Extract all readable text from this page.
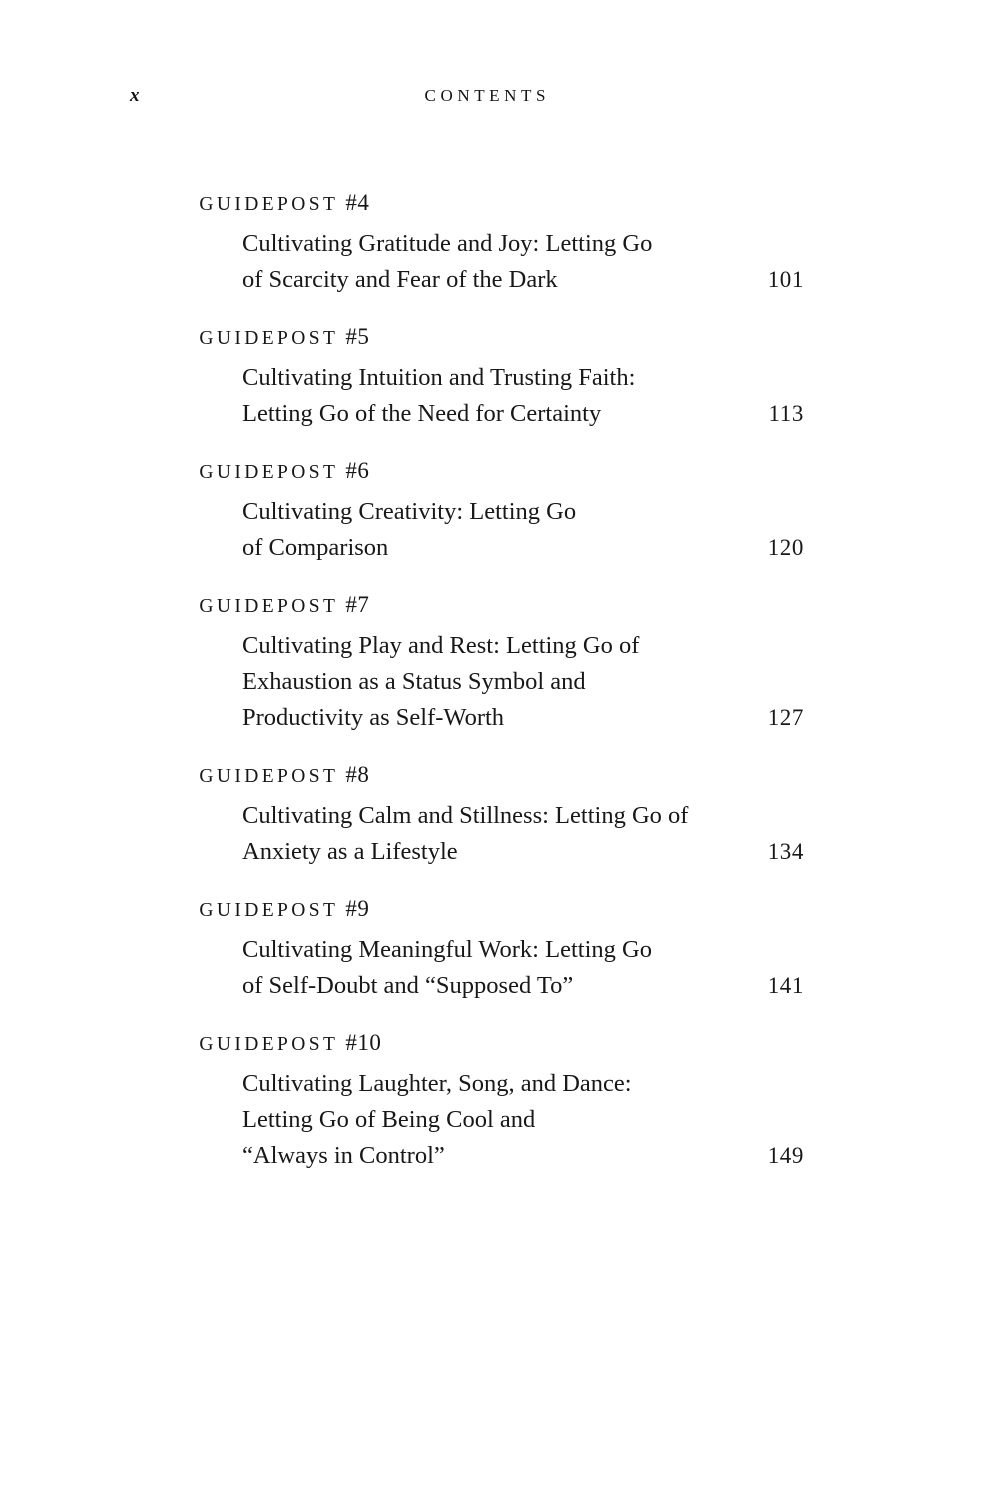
x	CONTENTS
GUIDEPOST #4
Cultivating Gratitude and Joy: Letting Go
of Scarcity and Fear of the Dark	101
GUIDEPOST #5
Cultivating Intuition and Trusting Faith:
Letting Go of the Need for Certainty	113
GUIDEPOST #6
Cultivating Creativity: Letting Go
of Comparison	120
GUIDEPOST #7
Cultivating Play and Rest: Letting Go of
Exhaustion as a Status Symbol and
Productivity as Self-Worth	127
GUIDEPOST #8
Cultivating Calm and Stillness: Letting Go of
Anxiety as a Lifestyle	134
GUIDEPOST #9
Cultivating Meaningful Work: Letting Go
of Self-Doubt and “Supposed To”	141
GUIDEPOST #10
Cultivating Laughter, Song, and Dance:
Letting Go of Being Cool and
“Always in Control”	149
